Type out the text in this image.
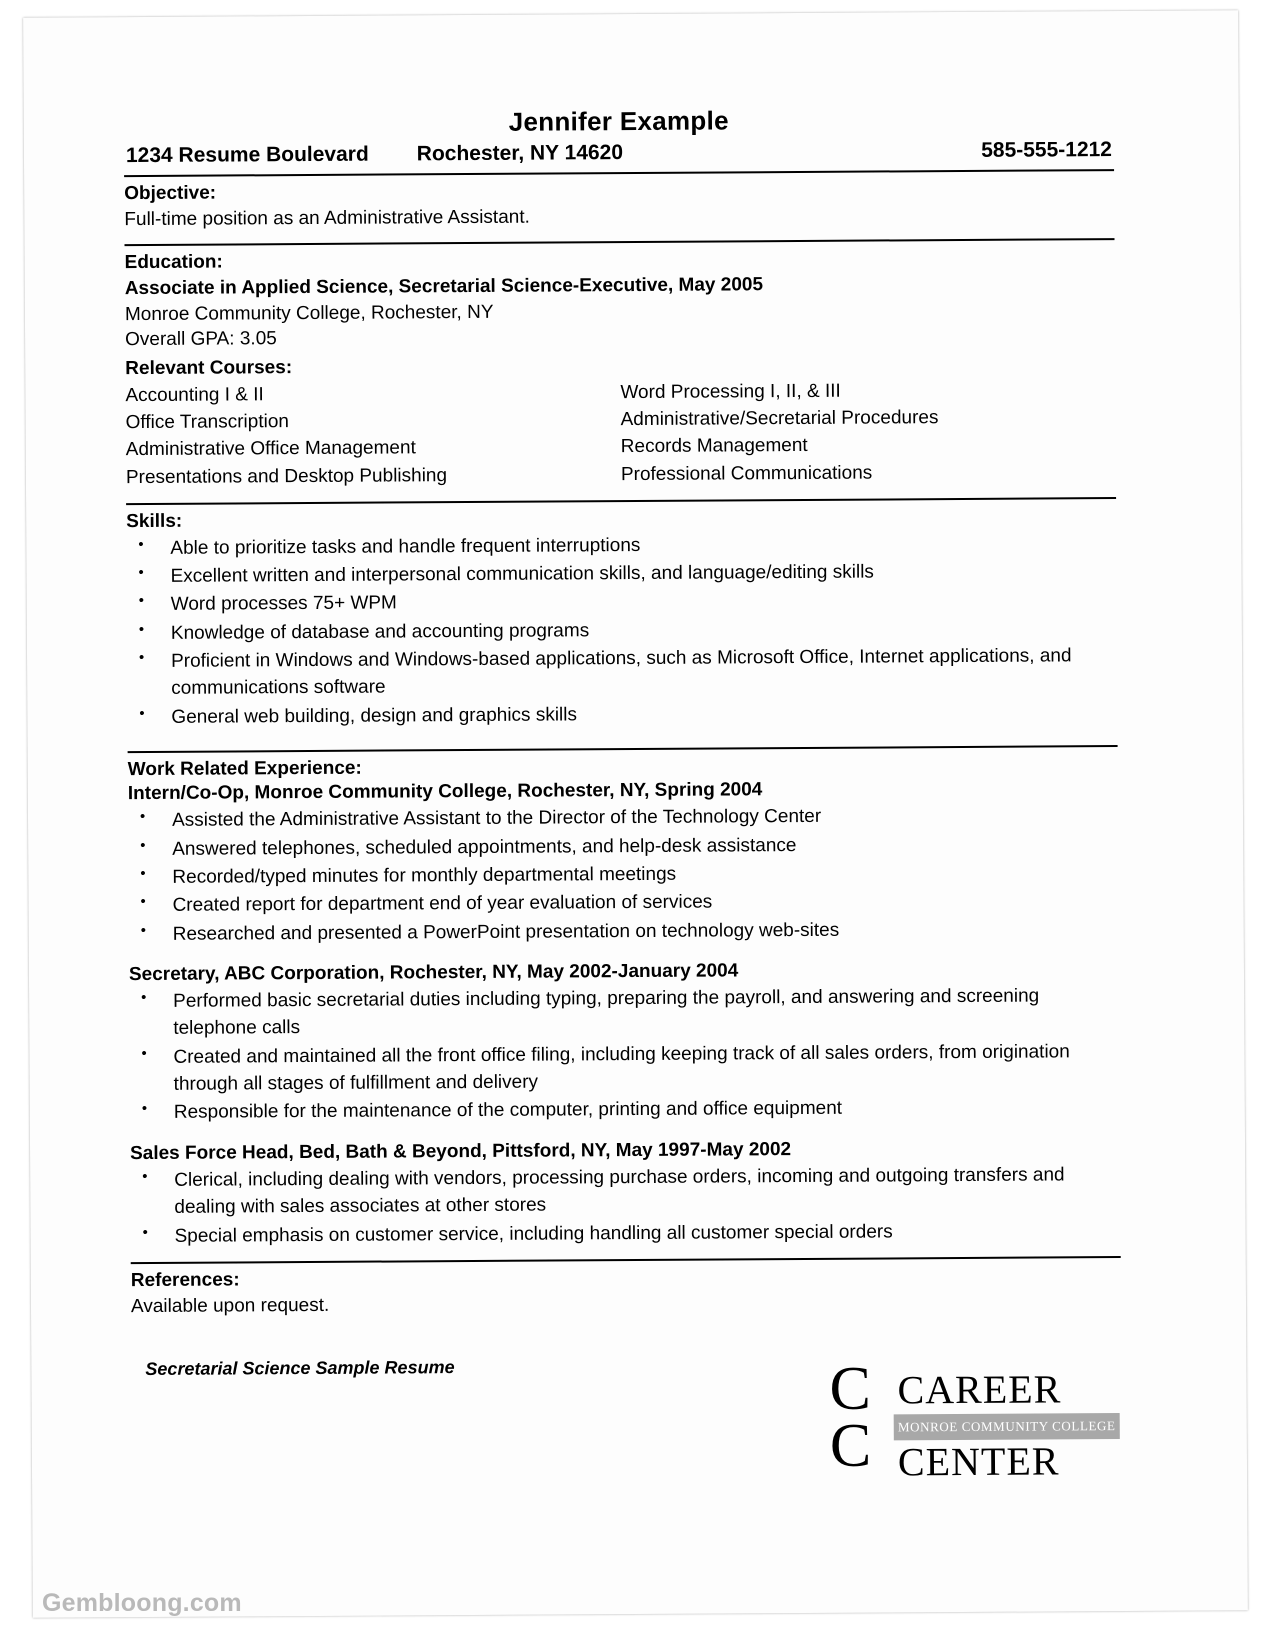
Jennifer Example
1234 Resume Boulevard Rochester, NY 14620	585-555-1212
Objective:
Full-time position as an Administrative Assistant.
Education:
Associate in Applied Science, Secretarial Science-Executive, May 2005
Monroe Community College, Rochester, NY
Overall GPA: 3.05
Relevant Courses:
Accounting I & II
Office Transcription
Administrative Office Management
Presentations and Desktop Publishing
Word Processing I, II, & III
Administrative/Secretarial Procedures
Records Management
Professional Communications
Skills:
• Able to prioritize tasks and handle frequent interruptions
• Excellent written and interpersonal communication skills, and language/editing skills
• Word processes 75+ WPM
• Knowledge of database and accounting programs
• Proficient in Windows and Windows-based applications, such as Microsoft Office, Internet applications, and communications software
• General web building, design and graphics skills
Work Related Experience:
Intern/Co-Op, Monroe Community College, Rochester, NY, Spring 2004
• Assisted the Administrative Assistant to the Director of the Technology Center
• Answered telephones, scheduled appointments, and help-desk assistance
• Recorded/typed minutes for monthly departmental meetings
• Created report for department end of year evaluation of services
• Researched and presented a PowerPoint presentation on technology web-sites
Secretary, ABC Corporation, Rochester, NY, May 2002-January 2004
• Performed basic secretarial duties including typing, preparing the payroll, and answering and screening telephone calls
• Created and maintained all the front office filing, including keeping track of all sales orders, from origination through all stages of fulfillment and delivery
• Responsible for the maintenance of the computer, printing and office equipment
Sales Force Head, Bed, Bath & Beyond, Pittsford, NY, May 1997-May 2002
• Clerical, including dealing with vendors, processing purchase orders, incoming and outgoing transfers and dealing with sales associates at other stores
• Special emphasis on customer service, including handling all customer special orders
References:
Available upon request.
Secretarial Science Sample Resume	C
C
CAREER
MONROE COMMUNITY COLLEGE
CENTER
Gembloong.com
